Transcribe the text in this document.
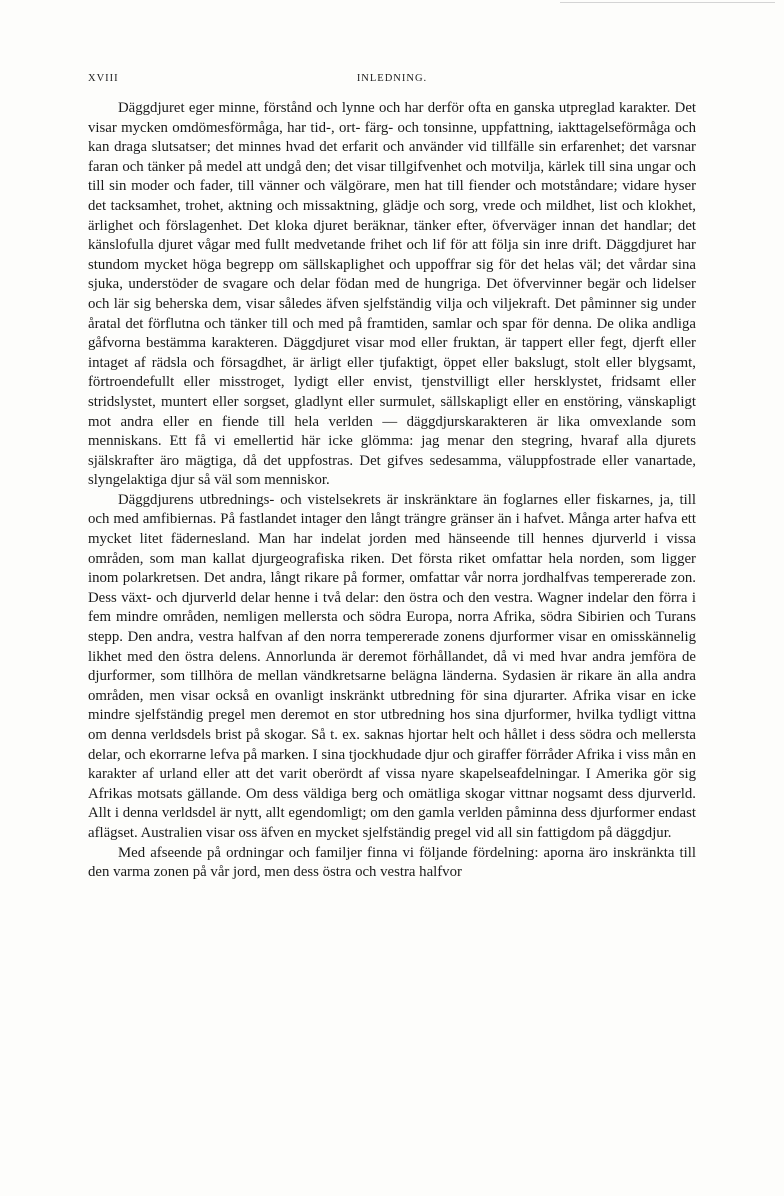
XVIII	INLEDNING.

Däggdjuret eger minne, förstånd och lynne och har derför ofta en ganska utpreglad karakter. Det visar mycken omdömesförmåga, har tid-, ort- färg- och tonsinne, uppfattning, iakttagelseförmåga och kan draga slutsatser; det minnes hvad det erfarit och använder vid tillfälle sin erfarenhet; det varsnar faran och tänker på medel att undgå den; det visar tillgifvenhet och motvilja, kärlek till sina ungar och till sin moder och fader, till vänner och välgörare, men hat till fiender och motståndare; vidare hyser det tacksamhet, trohet, aktning och missaktning, glädje och sorg, vrede och mildhet, list och klokhet, ärlighet och förslagenhet. Det kloka djuret beräknar, tänker efter, öfverväger innan det handlar; det känslofulla djuret vågar med fullt medvetande frihet och lif för att följa sin inre drift. Däggdjuret har stundom mycket höga begrepp om sällskaplighet och uppoffrar sig för det helas väl; det vårdar sina sjuka, understöder de svagare och delar födan med de hungriga. Det öfvervinner begär och lidelser och lär sig beherska dem, visar således äfven sjelfständig vilja och viljekraft. Det påminner sig under åratal det förflutna och tänker till och med på framtiden, samlar och spar för denna. De olika andliga gåfvorna bestämma karakteren. Däggdjuret visar mod eller fruktan, är tappert eller fegt, djerft eller intaget af rädsla och försagdhet, är ärligt eller tjufaktigt, öppet eller bakslugt, stolt eller blygsamt, förtroendefullt eller misstroget, lydigt eller envist, tjenstvilligt eller hersklystet, fridsamt eller stridslystet, muntert eller sorgset, gladlynt eller surmulet, sällskapligt eller en enstöring, vänskapligt mot andra eller en fiende till hela verlden — däggdjurskarakteren är lika omvexlande som menniskans. Ett få vi emellertid här icke glömma: jag menar den stegring, hvaraf alla djurets själskrafter äro mägtiga, då det uppfostras. Det gifves sedesamma, väluppfostrade eller vanartade, slyngelaktiga djur så väl som menniskor.

Däggdjurens utbrednings- och vistelsekrets är inskränktare än foglarnes eller fiskarnes, ja, till och med amfibiernas. På fastlandet intager den långt trängre gränser än i hafvet. Många arter hafva ett mycket litet fädernesland. Man har indelat jorden med hänseende till hennes djurverld i vissa områden, som man kallat djurgeografiska riken. Det första riket omfattar hela norden, som ligger inom polarkretsen. Det andra, långt rikare på former, omfattar vår norra jordhalfvas tempererade zon. Dess växt- och djurverld delar henne i två delar: den östra och den vestra. Wagner indelar den förra i fem mindre områden, nemligen mellersta och södra Europa, norra Afrika, södra Sibirien och Turans stepp. Den andra, vestra halfvan af den norra tempererade zonens djurformer visar en omisskännelig likhet med den östra delens. Annorlunda är deremot förhållandet, då vi med hvar andra jemföra de djurformer, som tillhöra de mellan vändkretsarne belägna länderna. Sydasien är rikare än alla andra områden, men visar också en ovanligt inskränkt utbredning för sina djurarter. Afrika visar en icke mindre sjelfständig pregel men deremot en stor utbredning hos sina djurformer, hvilka tydligt vittna om denna verldsdels brist på skogar. Så t. ex. saknas hjortar helt och hållet i dess södra och mellersta delar, och ekorrarne lefva på marken. I sina tjockhudade djur och giraffer förråder Afrika i viss mån en karakter af urland eller att det varit oberördt af vissa nyare skapelseafdelningar. I Amerika gör sig Afrikas motsats gällande. Om dess väldiga berg och omätliga skogar vittnar nogsamt dess djurverld. Allt i denna verldsdel är nytt, allt egendomligt; om den gamla verlden påminna dess djurformer endast aflägset. Australien visar oss äfven en mycket sjelfständig pregel vid all sin fattigdom på däggdjur.

Med afseende på ordningar och familjer finna vi följande fördelning: aporna äro inskränkta till den varma zonen på vår jord, men dess östra och vestra halfvor
